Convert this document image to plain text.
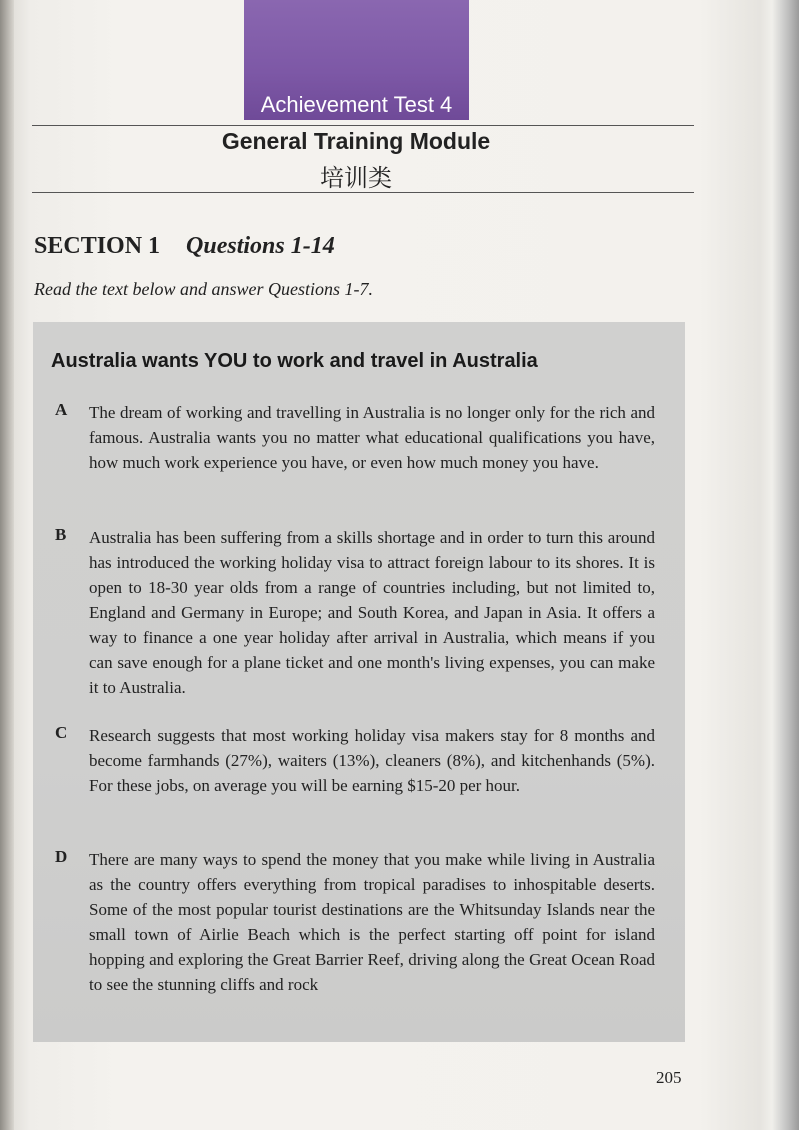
Achievement Test 4
General Training Module
培训类
SECTION 1 Questions 1-14
Read the text below and answer Questions 1-7.
Australia wants YOU to work and travel in Australia
A The dream of working and travelling in Australia is no longer only for the rich and famous. Australia wants you no matter what educational qualifications you have, how much work experience you have, or even how much money you have.
B Australia has been suffering from a skills shortage and in order to turn this around has introduced the working holiday visa to attract foreign labour to its shores. It is open to 18-30 year olds from a range of countries including, but not limited to, England and Germany in Europe; and South Korea, and Japan in Asia. It offers a way to finance a one year holiday after arrival in Australia, which means if you can save enough for a plane ticket and one month's living expenses, you can make it to Australia.
C Research suggests that most working holiday visa makers stay for 8 months and become farmhands (27%), waiters (13%), cleaners (8%), and kitchenhands (5%). For these jobs, on average you will be earning $15-20 per hour.
D There are many ways to spend the money that you make while living in Australia as the country offers everything from tropical paradises to inhospitable deserts. Some of the most popular tourist destinations are the Whitsunday Islands near the small town of Airlie Beach which is the perfect starting off point for island hopping and exploring the Great Barrier Reef, driving along the Great Ocean Road to see the stunning cliffs and rock
205
